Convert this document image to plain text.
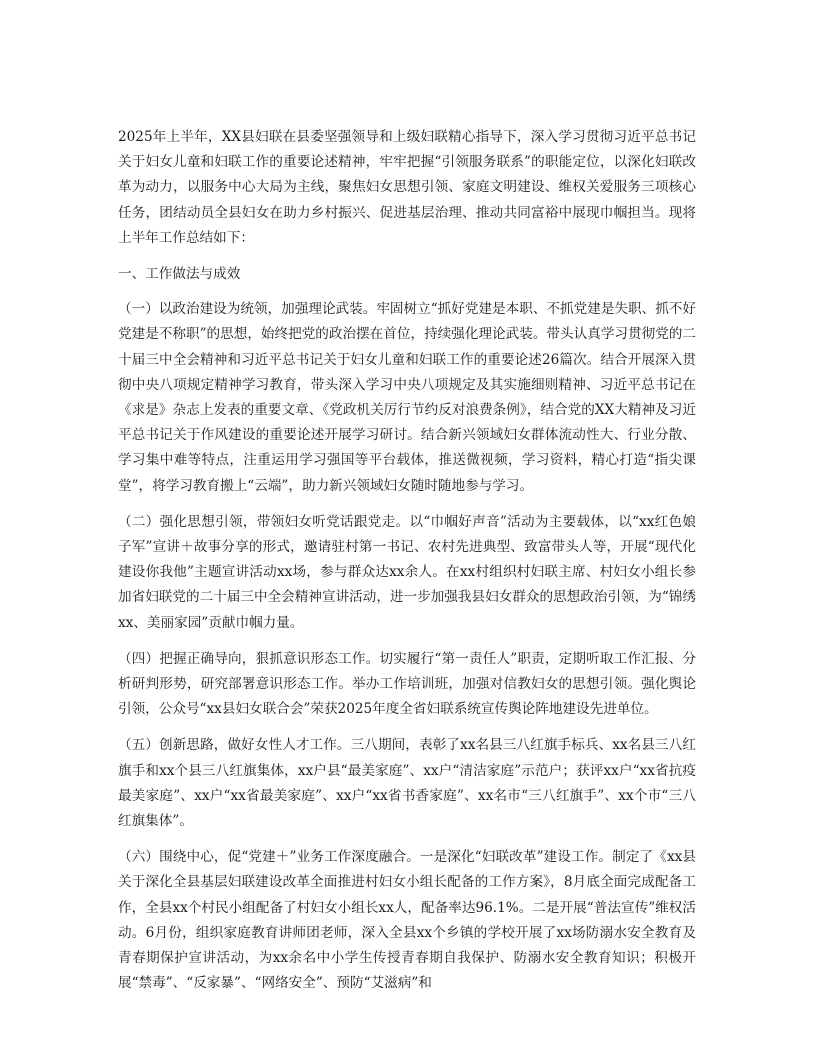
2025年上半年，XX县妇联在县委坚强领导和上级妇联精心指导下，深入学习贯彻习近平总书记关于妇女儿童和妇联工作的重要论述精神，牢牢把握“引领服务联系”的职能定位，以深化妇联改革为动力，以服务中心大局为主线，聚焦妇女思想引领、家庭文明建设、维权关爱服务三项核心任务，团结动员全县妇女在助力乡村振兴、促进基层治理、推动共同富裕中展现巾帼担当。现将上半年工作总结如下：

一、工作做法与成效

（一）以政治建设为统领，加强理论武装。牢固树立“抓好党建是本职、不抓党建是失职、抓不好党建是不称职”的思想，始终把党的政治摆在首位，持续强化理论武装。带头认真学习贯彻党的二十届三中全会精神和习近平总书记关于妇女儿童和妇联工作的重要论述26篇次。结合开展深入贯彻中央八项规定精神学习教育，带头深入学习中央八项规定及其实施细则精神、习近平总书记在《求是》杂志上发表的重要文章、《党政机关厉行节约反对浪费条例》，结合党的XX大精神及习近平总书记关于作风建设的重要论述开展学习研讨。结合新兴领域妇女群体流动性大、行业分散、学习集中难等特点，注重运用学习强国等平台载体，推送微视频，学习资料，精心打造“指尖课堂”，将学习教育搬上“云端”，助力新兴领域妇女随时随地参与学习。

（二）强化思想引领，带领妇女听党话跟党走。以“巾帼好声音”活动为主要载体，以“xx红色娘子军”宣讲＋故事分享的形式，邀请驻村第一书记、农村先进典型、致富带头人等，开展“现代化建设你我他”主题宣讲活动xx场，参与群众达xx余人。在xx村组织村妇联主席、村妇女小组长参加省妇联党的二十届三中全会精神宣讲活动，进一步加强我县妇女群众的思想政治引领，为“锦绣xx、美丽家园”贡献巾帼力量。

（四）把握正确导向，狠抓意识形态工作。切实履行“第一责任人”职责，定期听取工作汇报、分析研判形势，研究部署意识形态工作。举办工作培训班，加强对信教妇女的思想引领。强化舆论引领，公众号“xx县妇女联合会”荣获2025年度全省妇联系统宣传舆论阵地建设先进单位。

（五）创新思路，做好女性人才工作。三八期间，表彰了xx名县三八红旗手标兵、xx名县三八红旗手和xx个县三八红旗集体，xx户县“最美家庭”、xx户“清洁家庭”示范户；获评xx户“xx省抗疫最美家庭”、xx户“xx省最美家庭”、xx户“xx省书香家庭”、xx名市“三八红旗手”、xx个市“三八红旗集体”。

（六）围绕中心，促“党建＋”业务工作深度融合。一是深化“妇联改革”建设工作。制定了《xx县关于深化全县基层妇联建设改革全面推进村妇女小组长配备的工作方案》，8月底全面完成配备工作，全县xx个村民小组配备了村妇女小组长xx人，配备率达96.1%。二是开展“普法宣传”维权活动。6月份，组织家庭教育讲师团老师，深入全县xx个乡镇的学校开展了xx场防溺水安全教育及青春期保护宣讲活动，为xx余名中小学生传授青春期自我保护、防溺水安全教育知识；积极开展“禁毒”、“反家暴”、“网络安全”、预防“艾滋病”和
